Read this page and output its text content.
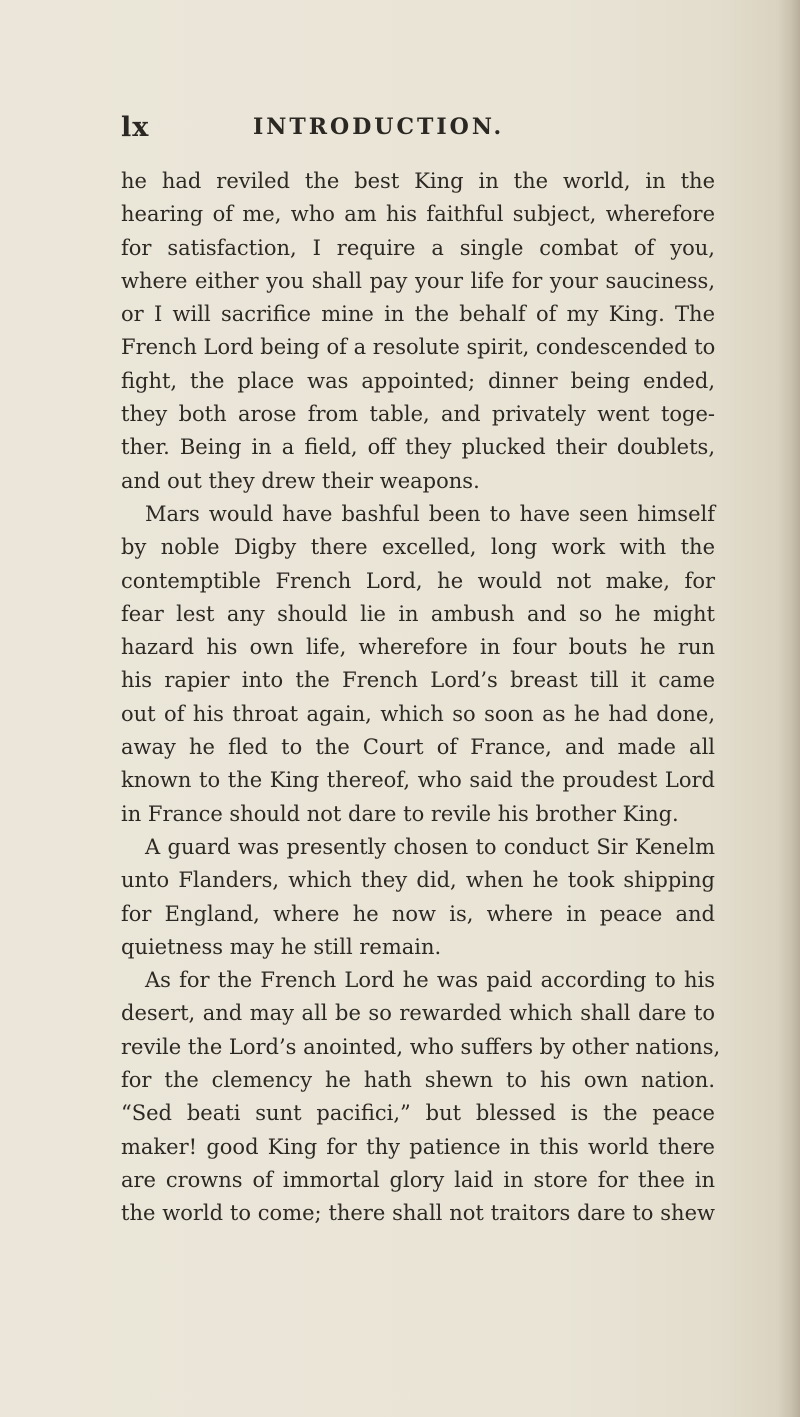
lx	INTRODUCTION.
he had reviled the best King in the world, in the
hearing of me, who am his faithful subject, wherefore
for satisfaction, I require a single combat of you,
where either you shall pay your life for your sauciness,
or I will sacrifice mine in the behalf of my King. The
French Lord being of a resolute spirit, condescended to
fight, the place was appointed; dinner being ended,
they both arose from table, and privately went toge-
ther. Being in a field, off they plucked their doublets,
and out they drew their weapons.
Mars would have bashful been to have seen himself
by noble Digby there excelled, long work with the
contemptible French Lord, he would not make, for
fear lest any should lie in ambush and so he might
hazard his own life, wherefore in four bouts he run
his rapier into the French Lord’s breast till it came
out of his throat again, which so soon as he had done,
away he fled to the Court of France, and made all
known to the King thereof, who said the proudest Lord
in France should not dare to revile his brother King.
A guard was presently chosen to conduct Sir Kenelm
unto Flanders, which they did, when he took shipping
for England, where he now is, where in peace and
quietness may he still remain.
As for the French Lord he was paid according to his
desert, and may all be so rewarded which shall dare to
revile the Lord’s anointed, who suffers by other nations,
for the clemency he hath shewn to his own nation.
“Sed beati sunt pacifici,” but blessed is the peace
maker! good King for thy patience in this world there
are crowns of immortal glory laid in store for thee in
the world to come; there shall not traitors dare to shew
